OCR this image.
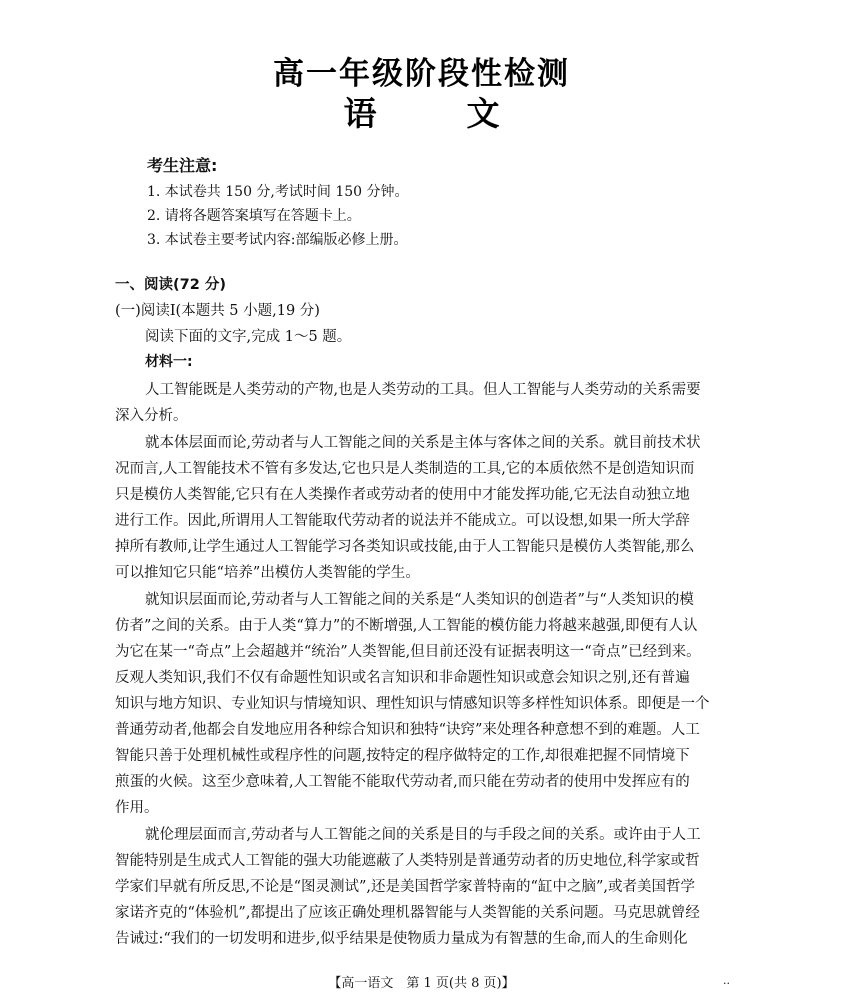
高一年级阶段性检测
语	文
考生注意:
1. 本试卷共 150 分,考试时间 150 分钟。
2. 请将各题答案填写在答题卡上。
3. 本试卷主要考试内容:部编版必修上册。
一、阅读(72 分)
(一)阅读Ⅰ(本题共 5 小题,19 分)
阅读下面的文字,完成 1～5 题。
材料一:
人工智能既是人类劳动的产物,也是人类劳动的工具。但人工智能与人类劳动的关系需要
深入分析。
就本体层面而论,劳动者与人工智能之间的关系是主体与客体之间的关系。就目前技术状
况而言,人工智能技术不管有多发达,它也只是人类制造的工具,它的本质依然不是创造知识而
只是模仿人类智能,它只有在人类操作者或劳动者的使用中才能发挥功能,它无法自动独立地
进行工作。因此,所谓用人工智能取代劳动者的说法并不能成立。可以设想,如果一所大学辞
掉所有教师,让学生通过人工智能学习各类知识或技能,由于人工智能只是模仿人类智能,那么
可以推知它只能“培养”出模仿人类智能的学生。
就知识层面而论,劳动者与人工智能之间的关系是“人类知识的创造者”与“人类知识的模
仿者”之间的关系。由于人类“算力”的不断增强,人工智能的模仿能力将越来越强,即便有人认
为它在某一“奇点”上会超越并“统治”人类智能,但目前还没有证据表明这一“奇点”已经到来。
反观人类知识,我们不仅有命题性知识或名言知识和非命题性知识或意会知识之别,还有普遍
知识与地方知识、专业知识与情境知识、理性知识与情感知识等多样性知识体系。即便是一个
普通劳动者,他都会自发地应用各种综合知识和独特“诀窍”来处理各种意想不到的难题。人工
智能只善于处理机械性或程序性的问题,按特定的程序做特定的工作,却很难把握不同情境下
煎蛋的火候。这至少意味着,人工智能不能取代劳动者,而只能在劳动者的使用中发挥应有的
作用。
就伦理层面而言,劳动者与人工智能之间的关系是目的与手段之间的关系。或许由于人工
智能特别是生成式人工智能的强大功能遮蔽了人类特别是普通劳动者的历史地位,科学家或哲
学家们早就有所反思,不论是“图灵测试”,还是美国哲学家普特南的“缸中之脑”,或者美国哲学
家诺齐克的“体验机”,都提出了应该正确处理机器智能与人类智能的关系问题。马克思就曾经
告诫过:“我们的一切发明和进步,似乎结果是使物质力量成为有智慧的生命,而人的生命则化
【高一语文　第 1 页(共 8 页)】	..
